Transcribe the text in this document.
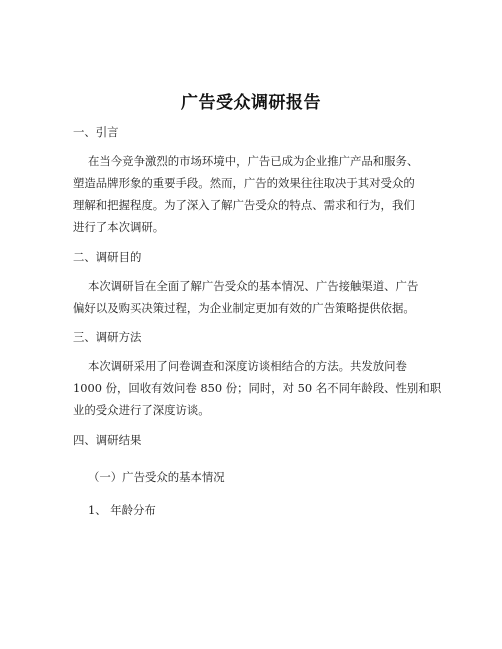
广告受众调研报告
一、引言
在当今竞争激烈的市场环境中，广告已成为企业推广产品和服务、
塑造品牌形象的重要手段。然而，广告的效果往往取决于其对受众的
理解和把握程度。为了深入了解广告受众的特点、需求和行为，我们
进行了本次调研。
二、调研目的
本次调研旨在全面了解广告受众的基本情况、广告接触渠道、广告
偏好以及购买决策过程，为企业制定更加有效的广告策略提供依据。
三、调研方法
本次调研采用了问卷调查和深度访谈相结合的方法。共发放问卷
1000 份，回收有效问卷 850 份；同时，对 50 名不同年龄段、性别和职
业的受众进行了深度访谈。
四、调研结果
（一）广告受众的基本情况
1、 年龄分布
